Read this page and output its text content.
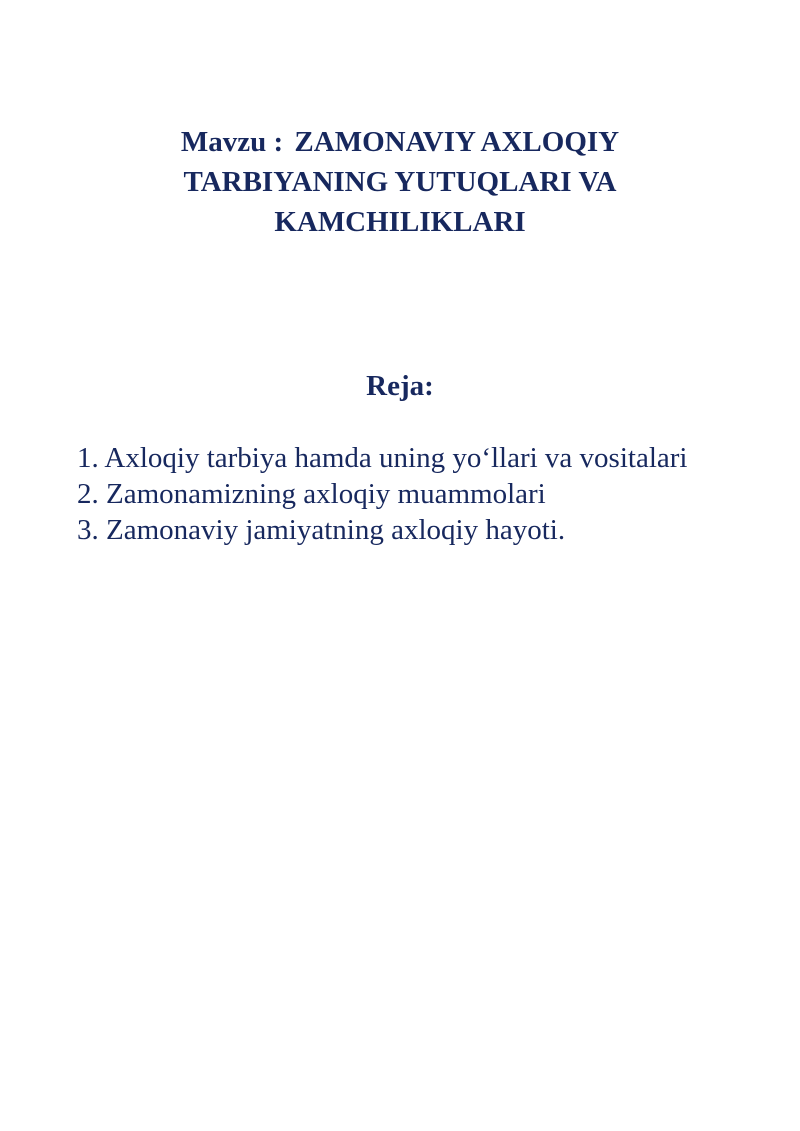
Mavzu : ZAMONAVIY AXLOQIY TARBIYANING YUTUQLARI VA KAMCHILIKLARI
Reja:
1. Axloqiy tarbiya hamda uning yo‘llari va vositalari
2. Zamonamizning axloqiy muammolari
3. Zamonaviy jamiyatning axloqiy hayoti.
